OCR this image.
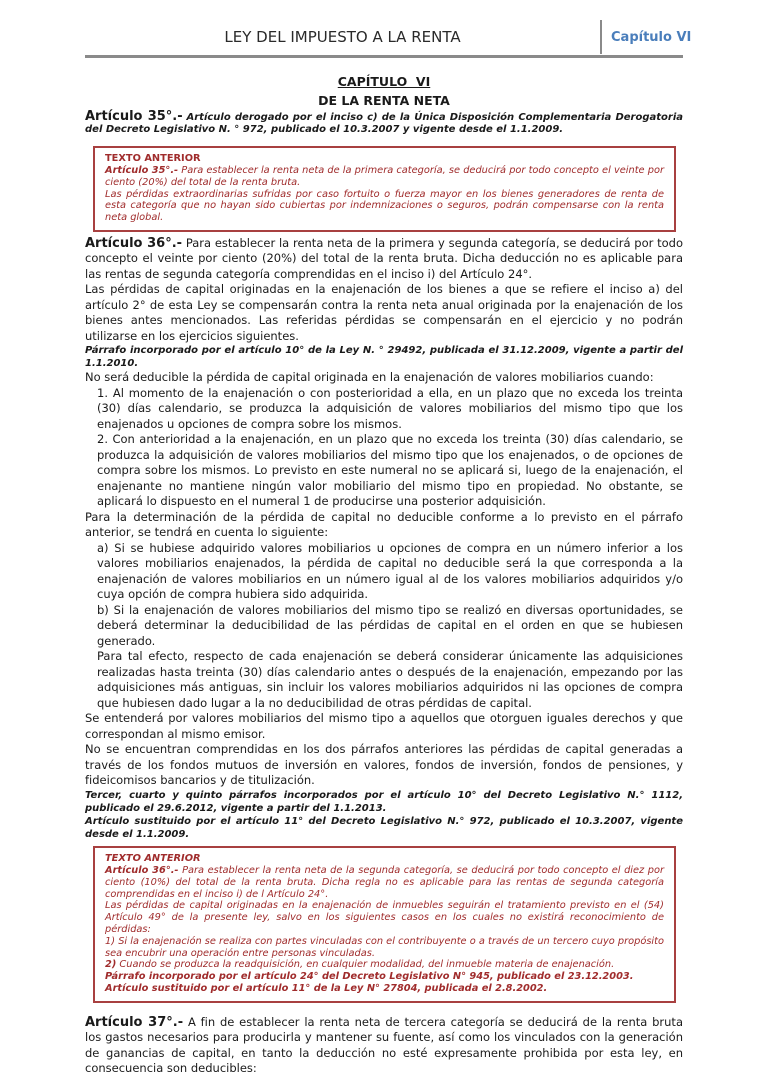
LEY DEL IMPUESTO A LA RENTA	Capítulo VI
CAPÍTULO  VI
DE LA RENTA NETA

Artículo 35°.- Artículo derogado por el inciso c) de la Única Disposición Complementaria Derogatoria del Decreto Legislativo N. ° 972, publicado el 10.3.2007 y vigente desde el 1.1.2009.

TEXTO ANTERIOR

Artículo 35°.- Para establecer la renta neta de la primera categoría, se deducirá por todo concepto el veinte por ciento (20%) del total de la renta bruta.

Las pérdidas extraordinarias sufridas por caso fortuito o fuerza mayor en los bienes generadores de renta de esta categoría que no hayan sido cubiertas por indemnizaciones o seguros, podrán compensarse con la renta neta global.

Artículo 36°.- Para establecer la renta neta de la primera y segunda categoría, se deducirá por todo concepto el veinte por ciento (20%) del total de la renta bruta. Dicha deducción no es aplicable para las rentas de segunda categoría comprendidas en el inciso i) del Artículo 24°.

Las pérdidas de capital originadas en la enajenación de los bienes a que se refiere el inciso a) del artículo 2° de esta Ley se compensarán contra la renta neta anual originada por la enajenación de los bienes antes mencionados. Las referidas pérdidas se compensarán en el ejercicio y no podrán utilizarse en los ejercicios siguientes.

Párrafo incorporado por el artículo 10° de la Ley N. ° 29492, publicada el 31.12.2009, vigente a partir del 1.1.2010.

No será deducible la pérdida de capital originada en la enajenación de valores mobiliarios cuando:

1. Al momento de la enajenación o con posterioridad a ella, en un plazo que no exceda los treinta (30) días calendario, se produzca la adquisición de valores mobiliarios del mismo tipo que los enajenados u opciones de compra sobre los mismos.

2. Con anterioridad a la enajenación, en un plazo que no exceda los treinta (30) días calendario, se produzca la adquisición de valores mobiliarios del mismo tipo que los enajenados, o de opciones de compra sobre los mismos. Lo previsto en este numeral no se aplicará si, luego de la enajenación, el enajenante no mantiene ningún valor mobiliario del mismo tipo en propiedad. No obstante, se aplicará lo dispuesto en el numeral 1 de producirse una posterior adquisición.

Para la determinación de la pérdida de capital no deducible conforme a lo previsto en el párrafo anterior, se tendrá en cuenta lo siguiente:

a) Si se hubiese adquirido valores mobiliarios u opciones de compra en un número inferior a los valores mobiliarios enajenados, la pérdida de capital no deducible será la que corresponda a la enajenación de valores mobiliarios en un número igual al de los valores mobiliarios adquiridos y/o cuya opción de compra hubiera sido adquirida.

b) Si la enajenación de valores mobiliarios del mismo tipo se realizó en diversas oportunidades, se deberá determinar la deducibilidad de las pérdidas de capital en el orden en que se hubiesen generado.

Para tal efecto, respecto de cada enajenación se deberá considerar únicamente las adquisiciones realizadas hasta treinta (30) días calendario antes o después de la enajenación, empezando por las adquisiciones más antiguas, sin incluir los valores mobiliarios adquiridos ni las opciones de compra que hubiesen dado lugar a la no deducibilidad de otras pérdidas de capital.

Se entenderá por valores mobiliarios del mismo tipo a aquellos que otorguen iguales derechos y que correspondan al mismo emisor.

No se encuentran comprendidas en los dos párrafos anteriores las pérdidas de capital generadas a través de los fondos mutuos de inversión en valores, fondos de inversión, fondos de pensiones, y fideicomisos bancarios y de titulización.

Tercer, cuarto y quinto párrafos incorporados por el artículo 10° del Decreto Legislativo N.° 1112, publicado el 29.6.2012, vigente a partir del 1.1.2013.

Artículo sustituido por el artículo 11° del Decreto Legislativo N.° 972, publicado el 10.3.2007, vigente desde el 1.1.2009.

TEXTO ANTERIOR

Artículo 36°.- Para establecer la renta neta de la segunda categoría, se deducirá por todo concepto el diez por ciento (10%) del total de la renta bruta. Dicha regla no es aplicable para las rentas de segunda categoría comprendidas en el inciso i) de l Artículo 24°.

Las pérdidas de capital originadas en la enajenación de inmuebles seguirán el tratamiento previsto en el (54) Artículo 49° de la presente ley, salvo en los siguientes casos en los cuales no existirá reconocimiento de pérdidas:

1) Si la enajenación se realiza con partes vinculadas con el contribuyente o a través de un tercero cuyo propósito sea encubrir una operación entre personas vinculadas.

2) Cuando se produzca la readquisición, en cualquier modalidad, del inmueble materia de enajenación.

Párrafo incorporado por el artículo 24° del Decreto Legislativo N° 945, publicado el 23.12.2003.

Artículo sustituido por el artículo 11° de la Ley N° 27804, publicada el 2.8.2002.

Artículo 37°.- A fin de establecer la renta neta de tercera categoría se deducirá de la renta bruta los gastos necesarios para producirla y mantener su fuente, así como los vinculados con la generación de ganancias de capital, en tanto la deducción no esté expresamente prohibida por esta ley, en consecuencia son deducibles:
